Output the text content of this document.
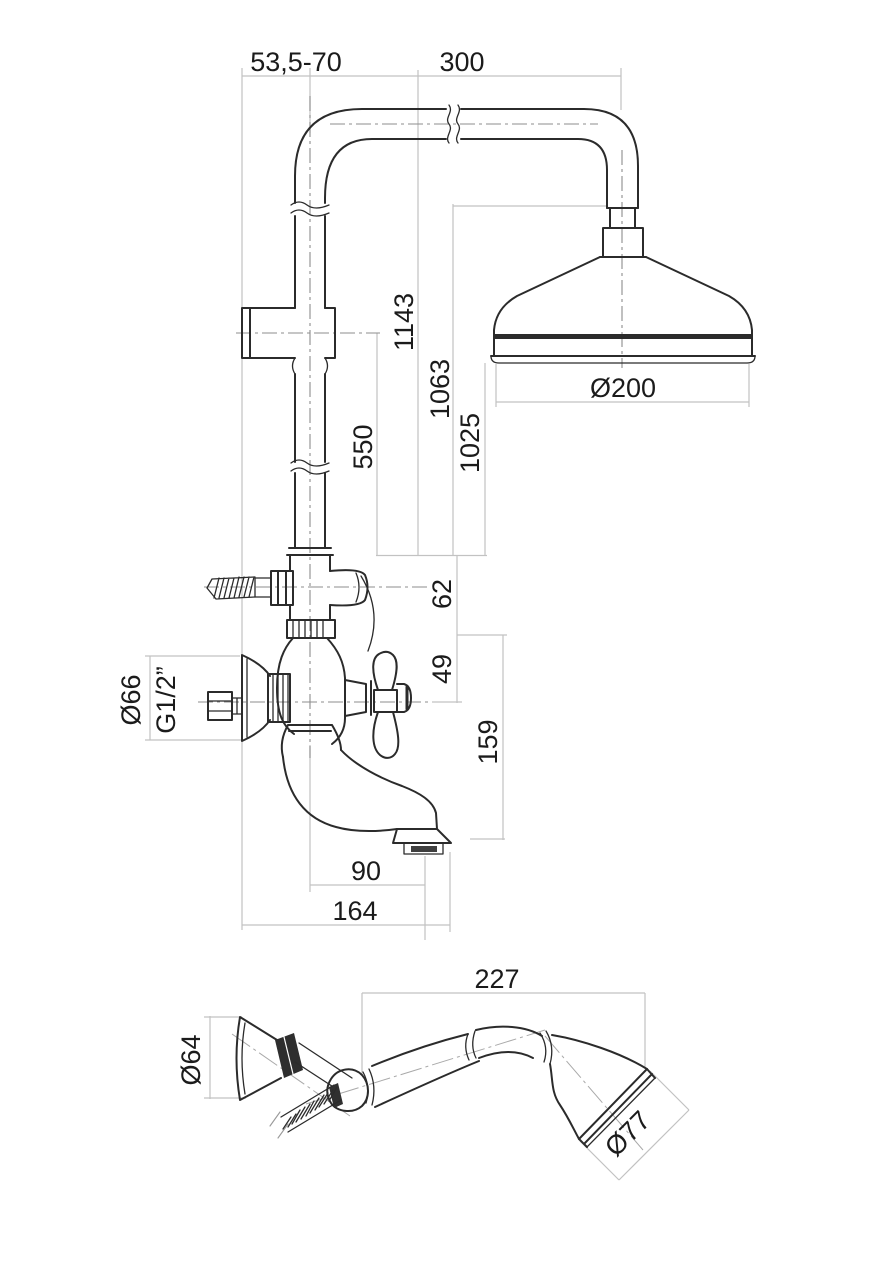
53,5-70	300
1143
1063
1025
550
Ø200
62
49
Ø66 G1/2”
159
90
164
227
Ø64
Ø77
